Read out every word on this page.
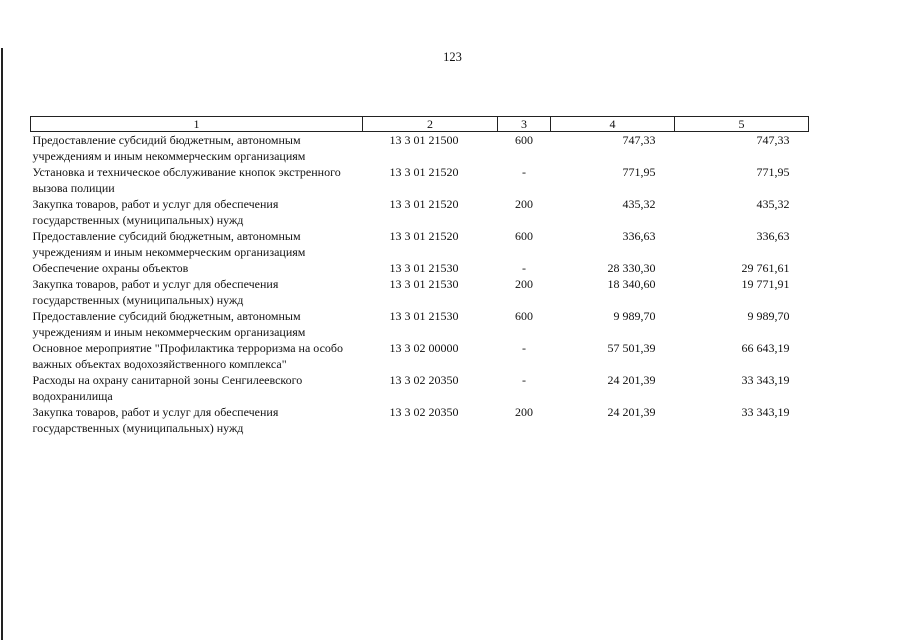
123
1	2	3	4	5
Предоставление субсидий бюджетным, автономным учреждениям и иным некоммерческим организациям	13 3 01 21500	600	747,33	747,33
Установка и техническое обслуживание кнопок экстренного вызова полиции	13 3 01 21520	-	771,95	771,95
Закупка товаров, работ и услуг для обеспечения государственных (муниципальных) нужд	13 3 01 21520	200	435,32	435,32
Предоставление субсидий бюджетным, автономным учреждениям и иным некоммерческим организациям	13 3 01 21520	600	336,63	336,63
Обеспечение охраны объектов	13 3 01 21530	-	28 330,30	29 761,61
Закупка товаров, работ и услуг для обеспечения государственных (муниципальных) нужд	13 3 01 21530	200	18 340,60	19 771,91
Предоставление субсидий бюджетным, автономным учреждениям и иным некоммерческим организациям	13 3 01 21530	600	9 989,70	9 989,70
Основное мероприятие "Профилактика терроризма на особо важных объектах водохозяйственного комплекса"	13 3 02 00000	-	57 501,39	66 643,19
Расходы на охрану санитарной зоны Сенгилеевского водохранилища	13 3 02 20350	-	24 201,39	33 343,19
Закупка товаров, работ и услуг для обеспечения государственных (муниципальных) нужд	13 3 02 20350	200	24 201,39	33 343,19
